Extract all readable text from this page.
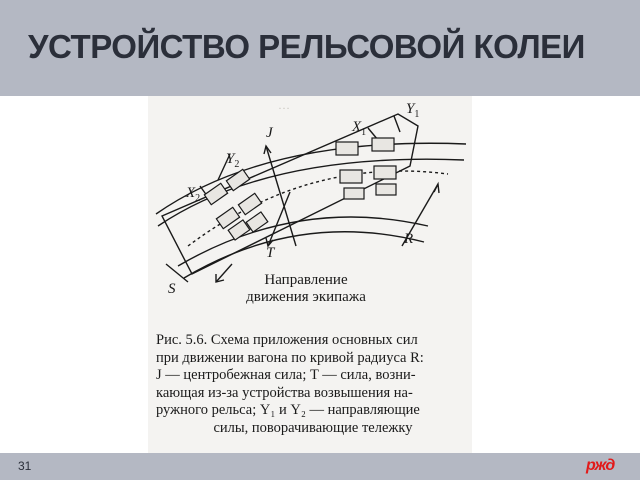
УСТРОЙСТВО РЕЛЬСОВОЙ КОЛЕИ
…	$Y_1$
$X_1$
J
$Y_2$
$X_2$
R
T
S
Направление
движения экипажа
Рис. 5.6. Схема приложения основных сил
при движении вагона по кривой радиуса R:
J — центробежная сила; T — сила, возни-
кающая из-за устройства возвышения на-
ружного рельса; Y₁ и Y₂ — направляющие
силы, поворачивающие тележку
31	ржд
